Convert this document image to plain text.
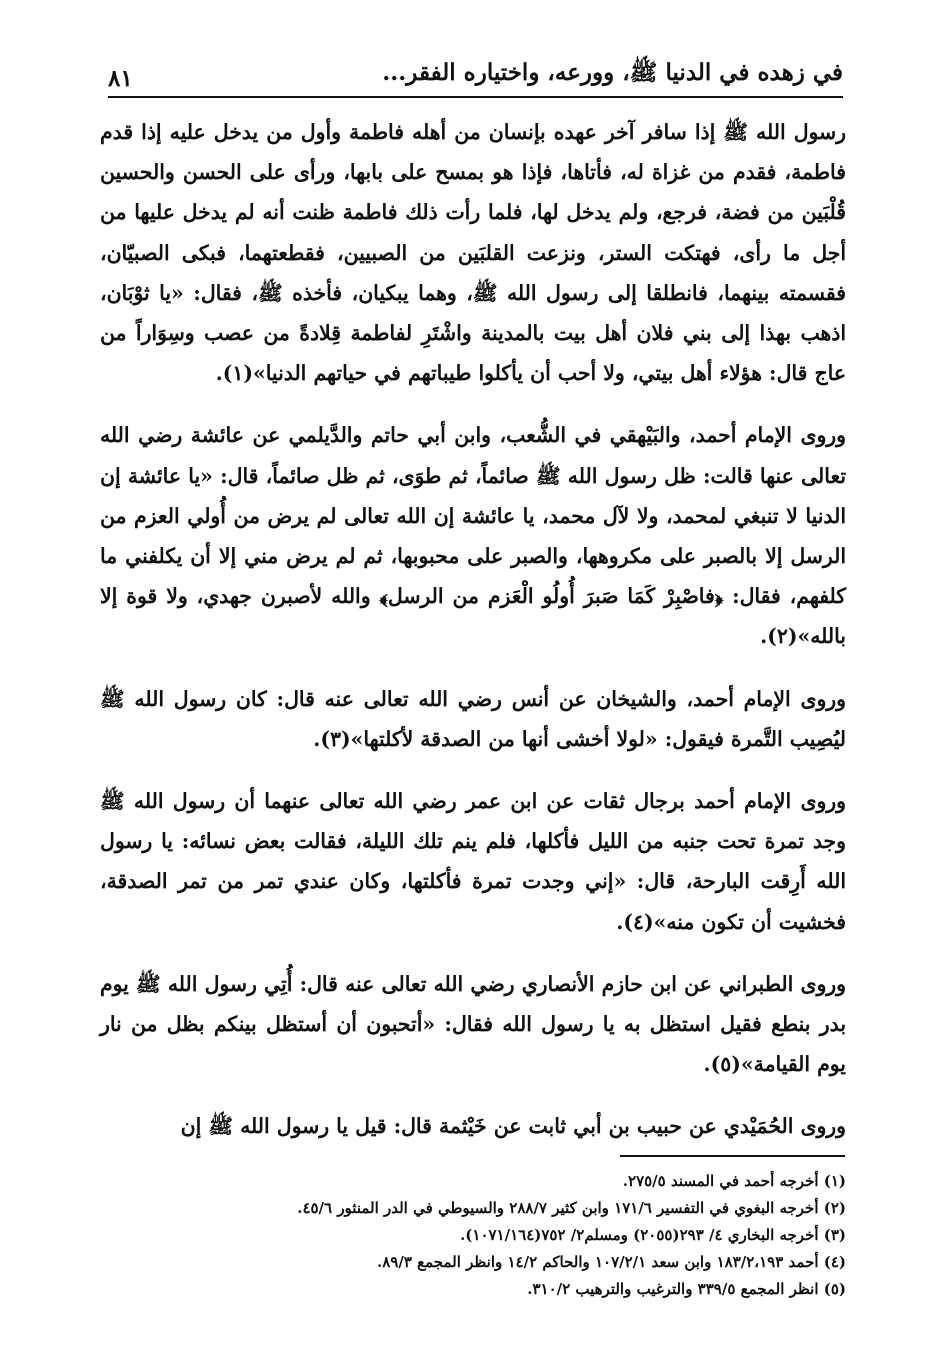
في زهده في الدنيا ﷺ، وورعه، واختياره الفقر...
٨١

رسول الله ﷺ إذا سافر آخر عهده بإنسان من أهله فاطمة وأول من يدخل عليه إذا قدم فاطمة، فقدم من غزاة له، فأتاها، فإذا هو بمسح على بابها، ورأى على الحسن والحسين قُلْبَين من فضة، فرجع، ولم يدخل لها، فلما رأت ذلك فاطمة ظنت أنه لم يدخل عليها من أجل ما رأى، فهتكت الستر، ونزعت القلبَين من الصبيين، فقطعتهما، فبكى الصبيّان، فقسمته بينهما، فانطلقا إلى رسول الله ﷺ، وهما يبكيان، فأخذه ﷺ، فقال: «يا ثوْبَان، اذهب بهذا إلى بني فلان أهل بيت بالمدينة واشْتَرِ لفاطمة قِلادةً من عصب وسِوَاراً من عاج قال: هؤلاء أهل بيتي، ولا أحب أن يأكلوا طيباتهم في حياتهم الدنيا»(١).

وروى الإمام أحمد، والبَيْهقي في الشُّعب، وابن أبي حاتم والدَّيلمي عن عائشة رضي الله تعالى عنها قالت: ظل رسول الله ﷺ صائماً، ثم طوَى، ثم ظل صائماً، قال: «يا عائشة إن الدنيا لا تنبغي لمحمد، ولا لآل محمد، يا عائشة إن الله تعالى لم يرض من أُولي العزم من الرسل إلا بالصبر على مكروهها، والصبر على محبوبها، ثم لم يرض مني إلا أن يكلفني ما كلفهم، فقال: ﴿فاصْبِرْ كَمَا صَبرَ أُولُو الْعَزم من الرسل﴾ والله لأصبرن جهدي، ولا قوة إلا بالله»(٢).

وروى الإمام أحمد، والشيخان عن أنس رضي الله تعالى عنه قال: كان رسول الله ﷺ ليُصِيب التَّمرة فيقول: «لولا أخشى أنها من الصدقة لأكلتها»(٣).

وروى الإمام أحمد برجال ثقات عن ابن عمر رضي الله تعالى عنهما أن رسول الله ﷺ وجد تمرة تحت جنبه من الليل فأكلها، فلم ينم تلك الليلة، فقالت بعض نسائه: يا رسول الله أَرِقت البارحة، قال: «إني وجدت تمرة فأكلتها، وكان عندي تمر من تمر الصدقة، فخشيت أن تكون منه»(٤).

وروى الطبراني عن ابن حازم الأنصاري رضي الله تعالى عنه قال: أُتِي رسول الله ﷺ يوم بدر بنطع فقيل استظل به يا رسول الله فقال: «أتحبون أن أستظل بينكم بظل من نار يوم القيامة»(٥).

وروى الحُمَيْدي عن حبيب بن أبي ثابت عن خَيْثمة قال: قيل يا رسول الله ﷺ إن

(١) أخرجه أحمد في المسند ٢٧٥/٥.
(٢) أخرجه البغوي في التفسير ١٧١/٦ وابن كثير ٢٨٨/٧ والسيوطي في الدر المنثور ٤٥/٦.
(٣) أخرجه البخاري ٤/ ٢٩٣(٢٠٥٥) ومسلم٢/ ٧٥٢(١٠٧١/١٦٤).
(٤) أحمد ١٨٣/٢،١٩٣ وابن سعد ١٠٧/٢/١ والحاكم ١٤/٢ وانظر المجمع ٨٩/٣.
(٥) انظر المجمع ٣٣٩/٥ والترغيب والترهيب ٣١٠/٢.
